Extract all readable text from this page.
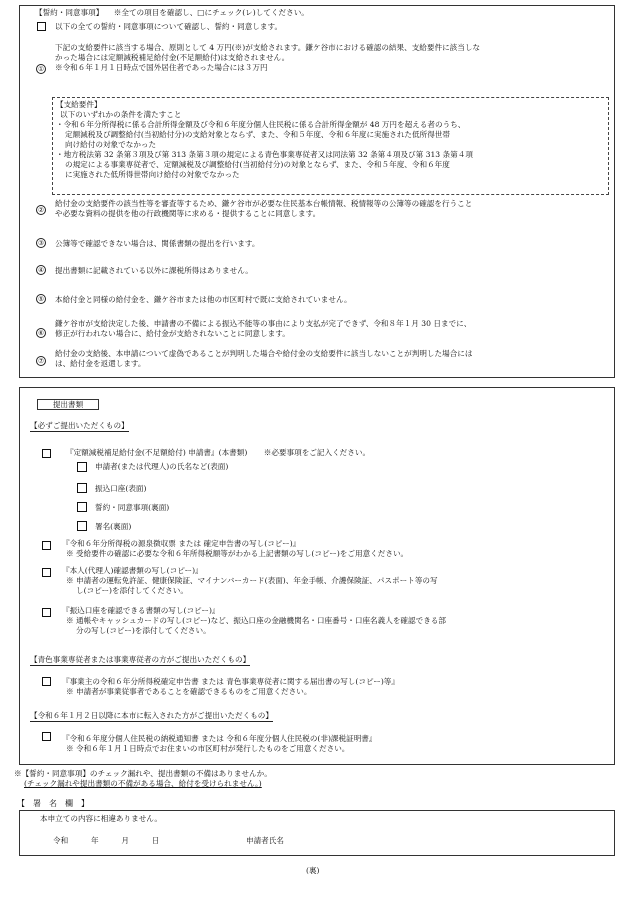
【誓約・同意事項】 ※全ての項目を確認し、□にチェック(レ)してください。
以下の全ての誓約・同意事項について確認し、誓約・同意します。
①

下記の支給要件に該当する場合、原則として 4 万円(※)が支給されます。鎌ケ谷市における確認の結果、支給要件に該当しな

かった場合には定額減税補足給付金(不足額給付)は支給されません。

※令和６年１月１日時点で国外居住者であった場合には３万円

【支給要件】

以下のいずれかの条件を満たすこと

・令和６年分所得税に係る合計所得金額及び令和６年度分個人住民税に係る合計所得金額が 48 万円を超える者のうち、

定額減税及び調整給付(当初給付分)の支給対象とならず、また、令和５年度、令和６年度に実施された低所得世帯

向け給付の対象でなかった

・地方税法第 32 条第３項及び第 313 条第３項の規定による青色事業専従者又は同法第 32 条第４項及び第 313 条第４項

の規定による事業専従者で、定額減税及び調整給付(当初給付分)の対象とならず、また、令和５年度、令和６年度

に実施された低所得世帯向け給付の対象でなかった

②

給付金の支給要件の該当性等を審査等するため、鎌ケ谷市が必要な住民基本台帳情報、税情報等の公簿等の確認を行うこと

や必要な資料の提供を他の行政機関等に求める・提供することに同意します。

③ 公簿等で確認できない場合は、関係書類の提出を行います。
④ 提出書類に記載されている以外に課税所得はありません。
⑤ 本給付金と同様の給付金を、鎌ケ谷市または他の市区町村で既に支給されていません。
⑥

鎌ケ谷市が支給決定した後、申請書の不備による振込不能等の事由により支払が完了できず、令和８年１月 30 日までに、

修正が行われない場合に、給付金が支給されないことに同意します。

⑦

給付金の支給後、本申請について虚偽であることが判明した場合や給付金の支給要件に該当しないことが判明した場合には

は、給付金を返還します。

提出書類
【必ずご提出いただくもの】
『定額減税補足給付金(不足額給付) 申請書』(本書類) ※必要事項をご記入ください。
申請者(または代理人)の氏名など(表面)
振込口座(表面)
誓約・同意事項(裏面)
署名(裏面)

『令和６年分所得税の源泉徴収票 または 確定申告書の写し(コピー)』

※ 受給要件の確認に必要な令和６年所得税額等がわかる上記書類の写し(コピー)をご用意ください。

『本人(代理人)確認書類の写し(コピー)』

※ 申請者の運転免許証、健康保険証、マイナンバーカード(表面)、年金手帳、介護保険証、パスポート等の写

し(コピー)を添付してください。

『振込口座を確認できる書類の写し(コピー)』

※ 通帳やキャッシュカードの写し(コピー)など、振込口座の金融機関名・口座番号・口座名義人を確認できる部

分の写し(コピー)を添付してください。

【青色事業専従者または事業専従者の方がご提出いただくもの】

『事業主の令和６年分所得税確定申告書 または 青色事業専従者に関する届出書の写し(コピー)等』

※ 申請者が事業従事者であることを確認できるものをご用意ください。

【令和６年１月２日以降に本市に転入された方がご提出いただくもの】

『令和６年度分個人住民税の納税通知書 または 令和６年度分個人住民税の(非)課税証明書』

※ 令和６年１月１日時点でお住まいの市区町村が発行したものをご用意ください。

※【誓約・同意事項】のチェック漏れや、提出書類の不備はありませんか。

(チェック漏れや提出書類の不備がある場合、給付を受けられません。)

【　署　名　欄　】
本申立ての内容に相違ありません。
令和　　　年　　　月　　　日	申請者氏名
(裏)
